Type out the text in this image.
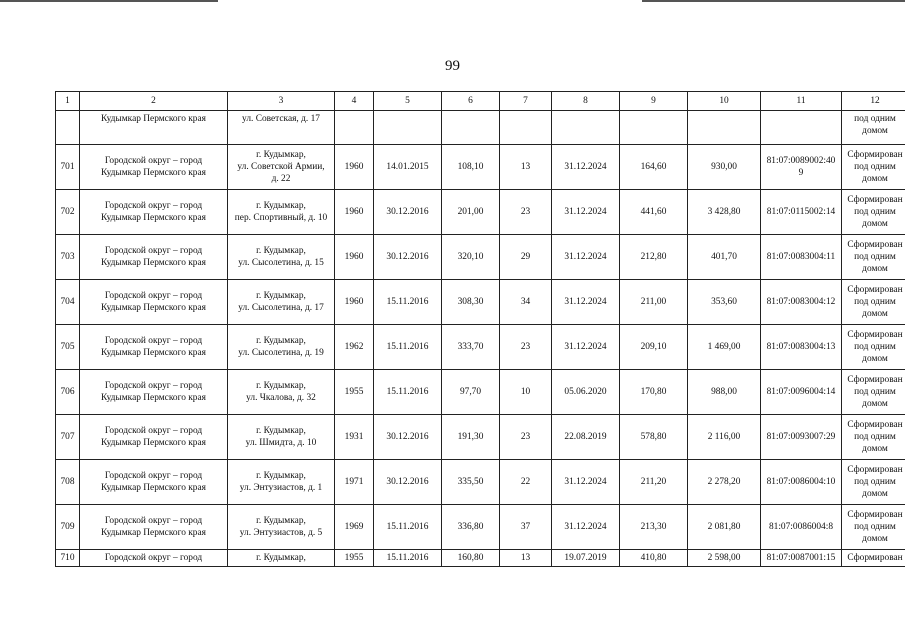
99
1	2	3	4	5	6	7	8	9	10	11	12

	Кудымкар Пермского края	ул. Советская, д. 17									под одним
домом

701	Городской округ – город
Кудымкар Пермского края	г. Кудымкар,
ул. Советской Армии,
д. 22	1960	14.01.2015	108,10	13	31.12.2024	164,60	930,00	81:07:0089002:40
9	Сформирован
под одним
домом

702	Городской округ – город
Кудымкар Пермского края	г. Кудымкар,
пер. Спортивный, д. 10	1960	30.12.2016	201,00	23	31.12.2024	441,60	3 428,80	81:07:0115002:14	Сформирован
под одним
домом

703	Городской округ – город
Кудымкар Пермского края	г. Кудымкар,
ул. Сысолетина, д. 15	1960	30.12.2016	320,10	29	31.12.2024	212,80	401,70	81:07:0083004:11	Сформирован
под одним
домом

704	Городской округ – город
Кудымкар Пермского края	г. Кудымкар,
ул. Сысолетина, д. 17	1960	15.11.2016	308,30	34	31.12.2024	211,00	353,60	81:07:0083004:12	Сформирован
под одним
домом

705	Городской округ – город
Кудымкар Пермского края	г. Кудымкар,
ул. Сысолетина, д. 19	1962	15.11.2016	333,70	23	31.12.2024	209,10	1 469,00	81:07:0083004:13	Сформирован
под одним
домом

706	Городской округ – город
Кудымкар Пермского края	г. Кудымкар,
ул. Чкалова, д. 32	1955	15.11.2016	97,70	10	05.06.2020	170,80	988,00	81:07:0096004:14	Сформирован
под одним
домом

707	Городской округ – город
Кудымкар Пермского края	г. Кудымкар,
ул. Шмидта, д. 10	1931	30.12.2016	191,30	23	22.08.2019	578,80	2 116,00	81:07:0093007:29	Сформирован
под одним
домом

708	Городской округ – город
Кудымкар Пермского края	г. Кудымкар,
ул. Энтузиастов, д. 1	1971	30.12.2016	335,50	22	31.12.2024	211,20	2 278,20	81:07:0086004:10	Сформирован
под одним
домом

709	Городской округ – город
Кудымкар Пермского края	г. Кудымкар,
ул. Энтузиастов, д. 5	1969	15.11.2016	336,80	37	31.12.2024	213,30	2 081,80	81:07:0086004:8	Сформирован
под одним
домом

710	Городской округ – город	г. Кудымкар,	1955	15.11.2016	160,80	13	19.07.2019	410,80	2 598,00	81:07:0087001:15	Сформирован
